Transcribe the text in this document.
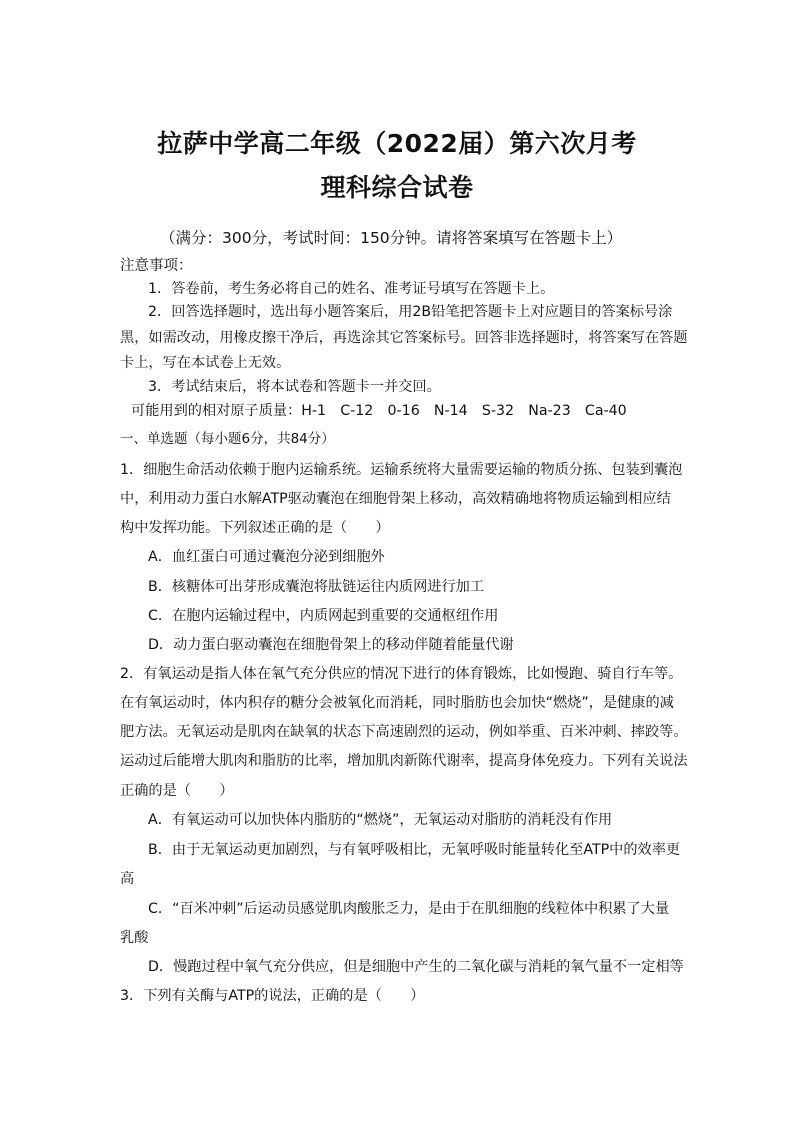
拉萨中学高二年级（2022届）第六次月考
理科综合试卷
（满分：300分，考试时间：150分钟。请将答案填写在答题卡上）
注意事项：
1．答卷前，考生务必将自己的姓名、准考证号填写在答题卡上。
2．回答选择题时，选出每小题答案后，用2B铅笔把答题卡上对应题目的答案标号涂
黑，如需改动，用橡皮擦干净后，再选涂其它答案标号。回答非选择题时，将答案写在答题
卡上，写在本试卷上无效。
3．考试结束后，将本试卷和答题卡一并交回。
可能用到的相对原子质量：H-1　C-12　0-16　N-14　S-32　Na-23　Ca-40
一、单选题（每小题6分，共84分）
1．细胞生命活动依赖于胞内运输系统。运输系统将大量需要运输的物质分拣、包装到囊泡
中，利用动力蛋白水解ATP驱动囊泡在细胞骨架上移动，高效精确地将物质运输到相应结
构中发挥功能。下列叙述正确的是（　　）
A．血红蛋白可通过囊泡分泌到细胞外
B．核糖体可出芽形成囊泡将肽链运往内质网进行加工
C．在胞内运输过程中，内质网起到重要的交通枢纽作用
D．动力蛋白驱动囊泡在细胞骨架上的移动伴随着能量代谢
2．有氧运动是指人体在氧气充分供应的情况下进行的体育锻炼，比如慢跑、骑自行车等。
在有氧运动时，体内积存的糖分会被氧化而消耗，同时脂肪也会加快“燃烧”，是健康的减
肥方法。无氧运动是肌肉在缺氧的状态下高速剧烈的运动，例如举重、百米冲刺、摔跤等。
运动过后能增大肌肉和脂肪的比率，增加肌肉新陈代谢率，提高身体免疫力。下列有关说法
正确的是（　　）
A．有氧运动可以加快体内脂肪的“燃烧”，无氧运动对脂肪的消耗没有作用
B．由于无氧运动更加剧烈，与有氧呼吸相比，无氧呼吸时能量转化至ATP中的效率更
高
C．“百米冲刺”后运动员感觉肌肉酸胀乏力，是由于在肌细胞的线粒体中积累了大量
乳酸
D．慢跑过程中氧气充分供应，但是细胞中产生的二氧化碳与消耗的氧气量不一定相等
3．下列有关酶与ATP的说法，正确的是（　　）
